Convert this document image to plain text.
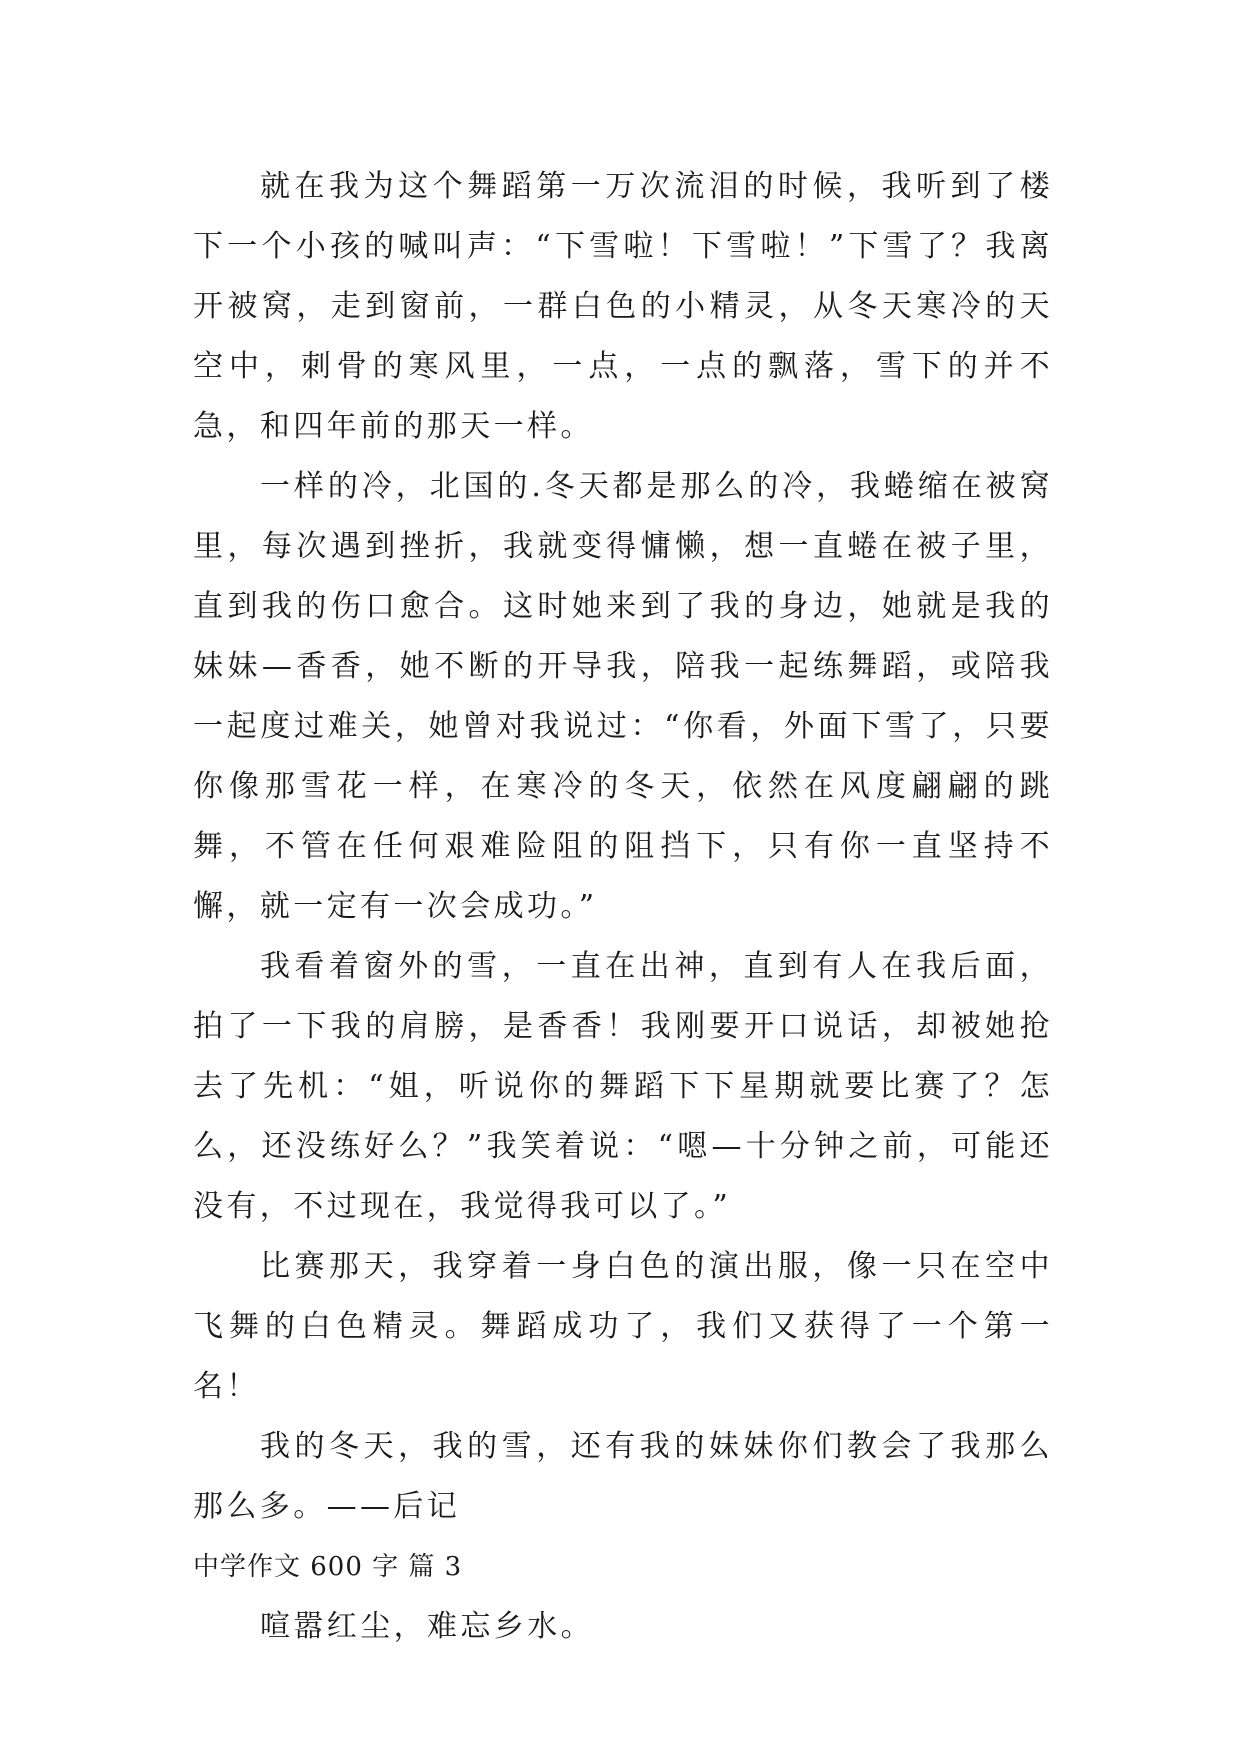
就在我为这个舞蹈第一万次流泪的时候，我听到了楼下一个小孩的喊叫声：“下雪啦！下雪啦！”下雪了？我离开被窝，走到窗前，一群白色的小精灵，从冬天寒冷的天空中，刺骨的寒风里，一点，一点的飘落，雪下的并不急，和四年前的那天一样。

一样的冷，北国的.冬天都是那么的冷，我蜷缩在被窝里，每次遇到挫折，我就变得慵懒，想一直蜷在被子里，直到我的伤口愈合。这时她来到了我的身边，她就是我的妹妹—香香，她不断的开导我，陪我一起练舞蹈，或陪我一起度过难关，她曾对我说过：“你看，外面下雪了，只要你像那雪花一样，在寒冷的冬天，依然在风度翩翩的跳舞，不管在任何艰难险阻的阻挡下，只有你一直坚持不懈，就一定有一次会成功。”

我看着窗外的雪，一直在出神，直到有人在我后面，拍了一下我的肩膀，是香香！我刚要开口说话，却被她抢去了先机：“姐，听说你的舞蹈下下星期就要比赛了？怎么，还没练好么？”我笑着说：“嗯—十分钟之前，可能还没有，不过现在，我觉得我可以了。”

比赛那天，我穿着一身白色的演出服，像一只在空中飞舞的白色精灵。舞蹈成功了，我们又获得了一个第一名！

我的冬天，我的雪，还有我的妹妹你们教会了我那么那么多。——后记

中学作文 600 字 篇 3

喧嚣红尘，难忘乡水。
